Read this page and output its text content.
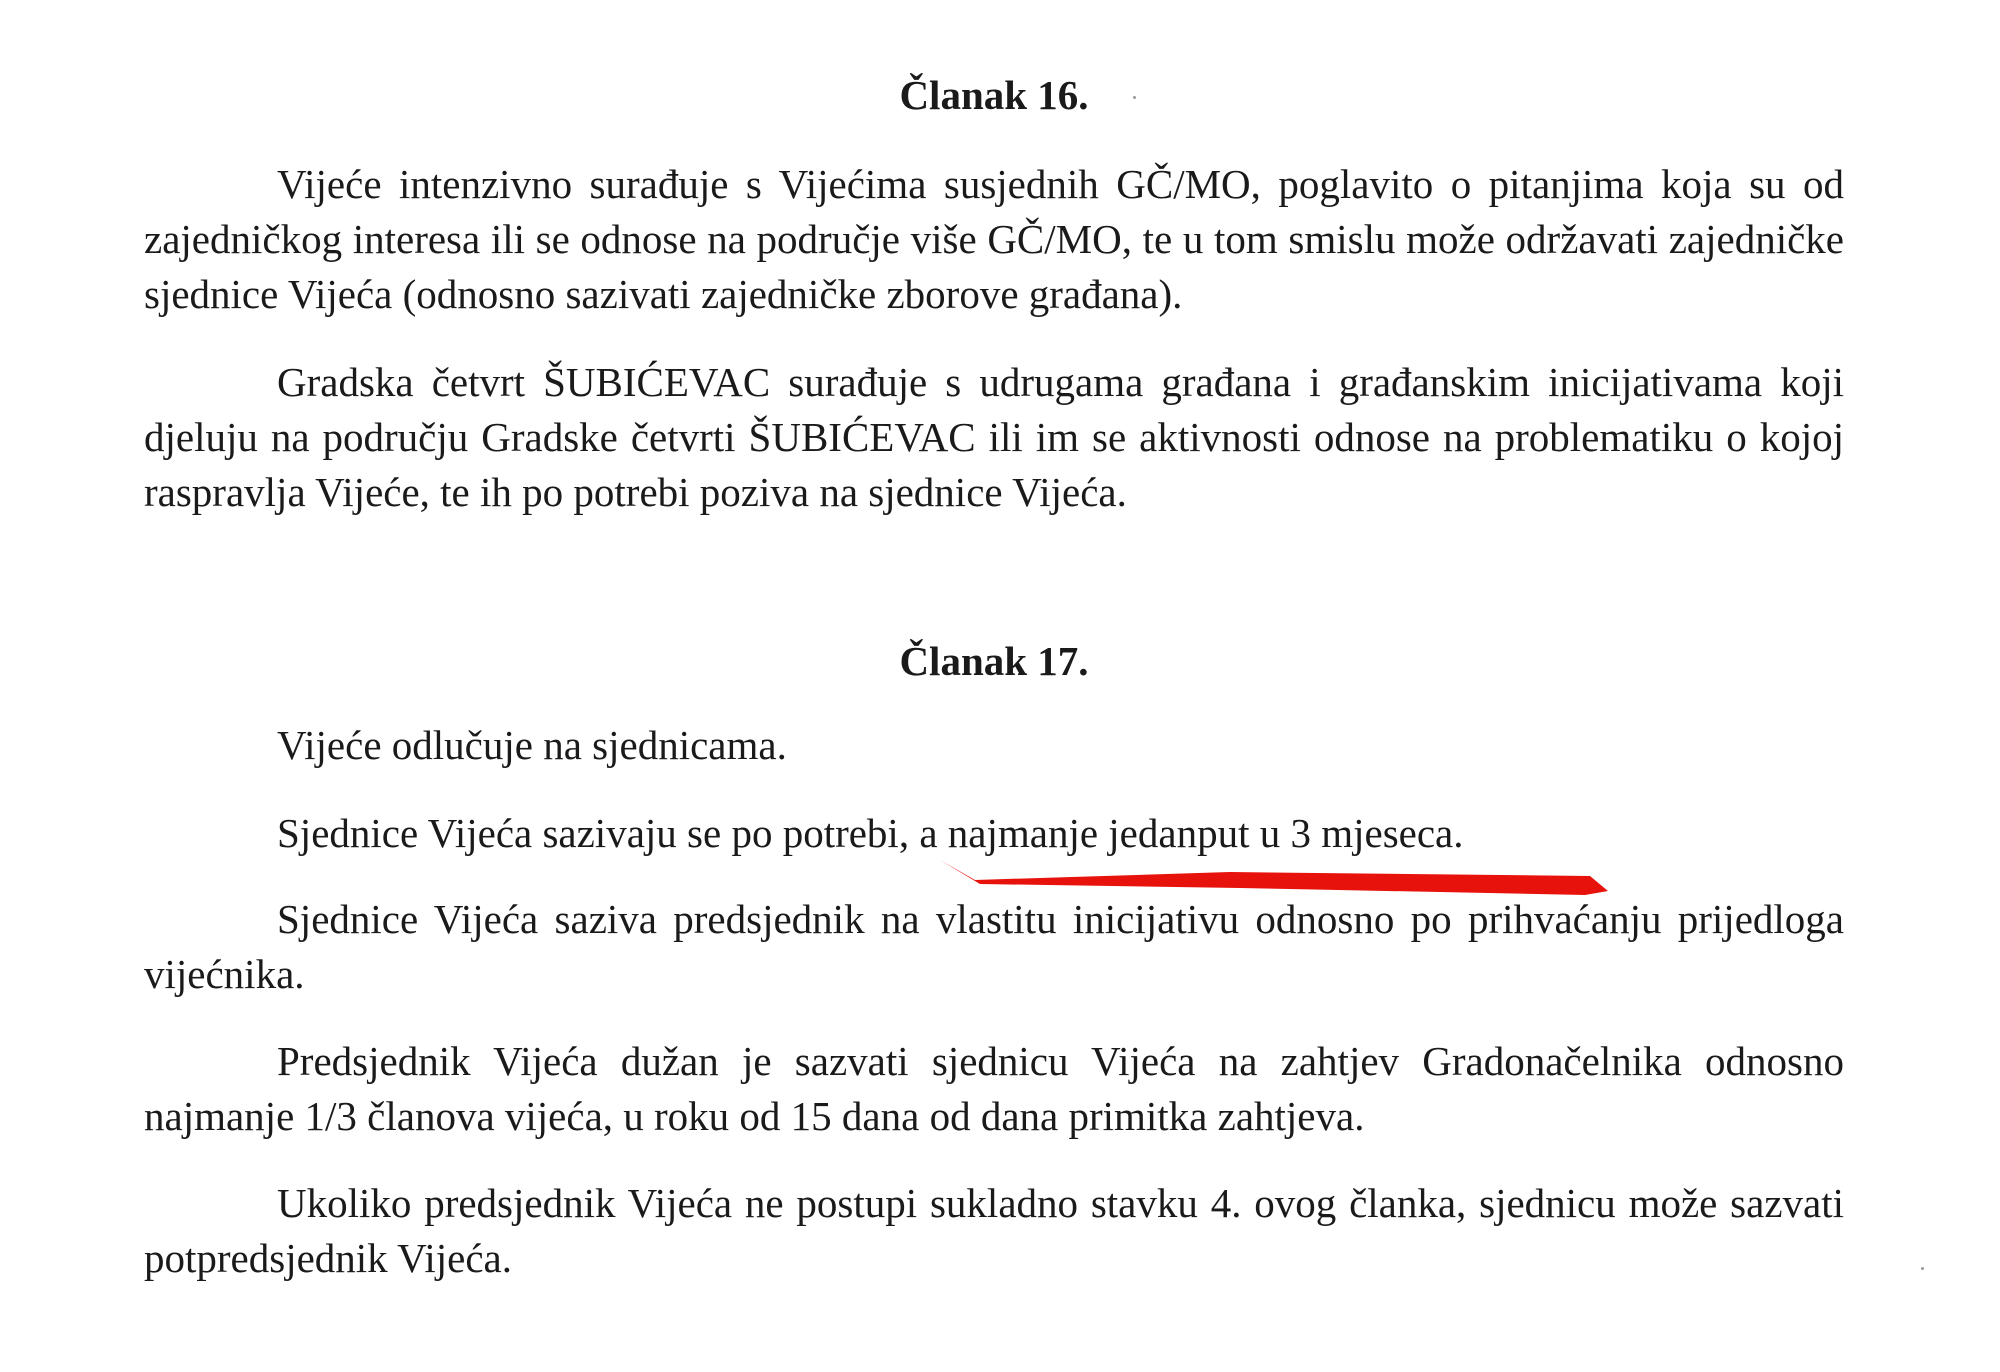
Članak 16.

Vijeće intenzivno surađuje s Vijećima susjednih GČ/MO, poglavito o pitanjima koja su od zajedničkog interesa ili se odnose na područje više GČ/MO, te u tom smislu može održavati zajedničke sjednice Vijeća (odnosno sazivati zajedničke zborove građana).

Gradska četvrt ŠUBIĆEVAC surađuje s udrugama građana i građanskim inicijativama koji djeluju na području Gradske četvrti ŠUBIĆEVAC ili im se aktivnosti odnose na problematiku o kojoj raspravlja Vijeće, te ih po potrebi poziva na sjednice Vijeća.

Članak 17.

Vijeće odlučuje na sjednicama.

Sjednice Vijeća sazivaju se po potrebi, a najmanje jedanput u 3 mjeseca.

Sjednice Vijeća saziva predsjednik na vlastitu inicijativu odnosno po prihvaćanju prijedloga vijećnika.

Predsjednik Vijeća dužan je sazvati sjednicu Vijeća na zahtjev Gradonačelnika odnosno najmanje 1/3 članova vijeća, u roku od 15 dana od dana primitka zahtjeva.

Ukoliko predsjednik Vijeća ne postupi sukladno stavku 4. ovog članka, sjednicu može sazvati potpredsjednik Vijeća.
